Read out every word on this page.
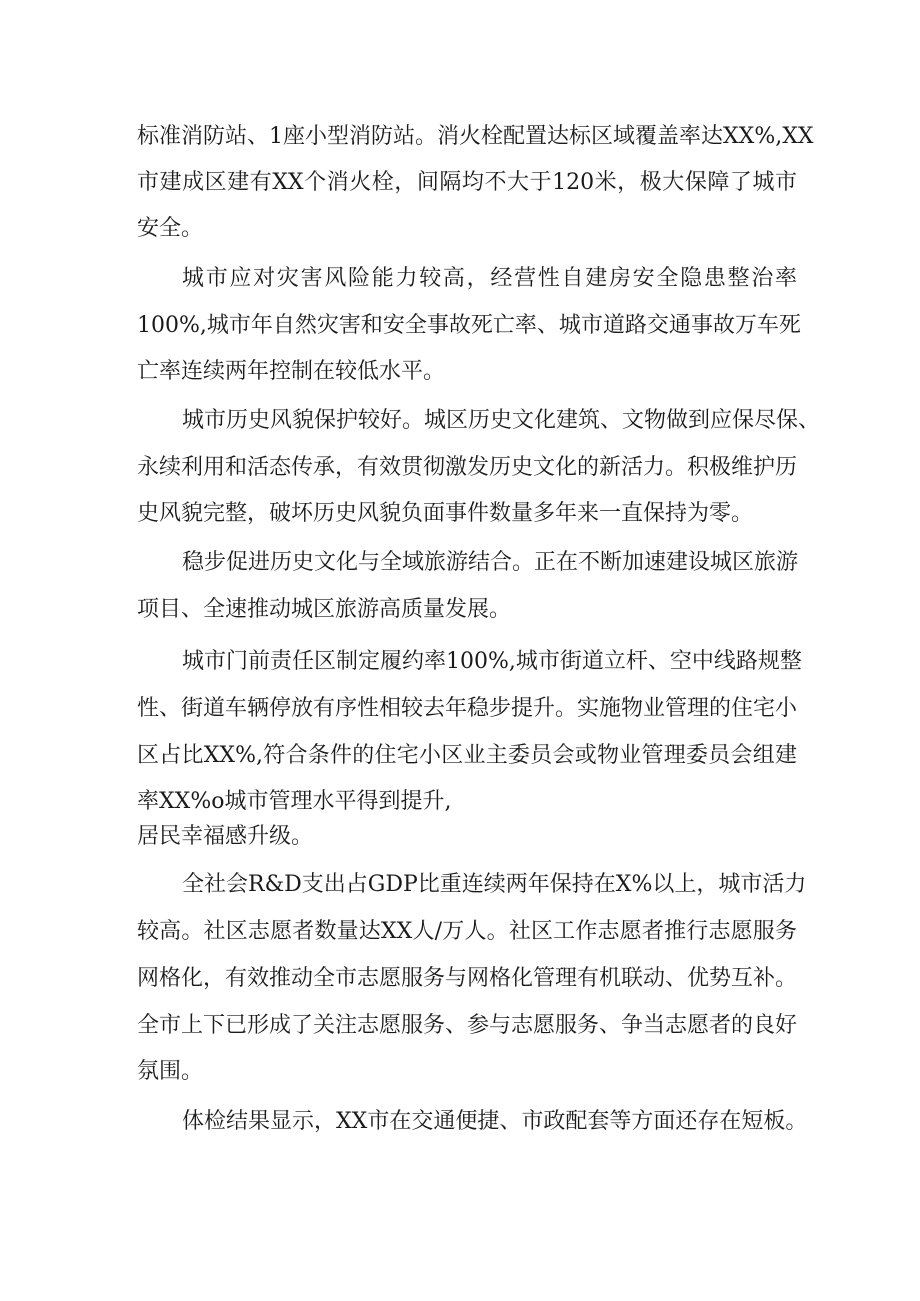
标准消防站、1座小型消防站。消火栓配置达标区域覆盖率达XX%,XX
市建成区建有XX个消火栓，间隔均不大于120米，极大保障了城市
安全。
城市应对灾害风险能力较高，经营性自建房安全隐患整治率
100%,城市年自然灾害和安全事故死亡率、城市道路交通事故万车死
亡率连续两年控制在较低水平。
城市历史风貌保护较好。城区历史文化建筑、文物做到应保尽保、
永续利用和活态传承，有效贯彻激发历史文化的新活力。积极维护历
史风貌完整，破坏历史风貌负面事件数量多年来一直保持为零。
稳步促进历史文化与全域旅游结合。正在不断加速建设城区旅游
项目、全速推动城区旅游高质量发展。
城市门前责任区制定履约率100%,城市街道立杆、空中线路规整
性、街道车辆停放有序性相较去年稳步提升。实施物业管理的住宅小
区占比XX%,符合条件的住宅小区业主委员会或物业管理委员会组建
率XX%o城市管理水平得到提升,
居民幸福感升级。
全社会R&D支出占GDP比重连续两年保持在X%以上，城市活力
较高。社区志愿者数量达XX人/万人。社区工作志愿者推行志愿服务
网格化，有效推动全市志愿服务与网格化管理有机联动、优势互补。
全市上下已形成了关注志愿服务、参与志愿服务、争当志愿者的良好
氛围。
体检结果显示，XX市在交通便捷、市政配套等方面还存在短板。
